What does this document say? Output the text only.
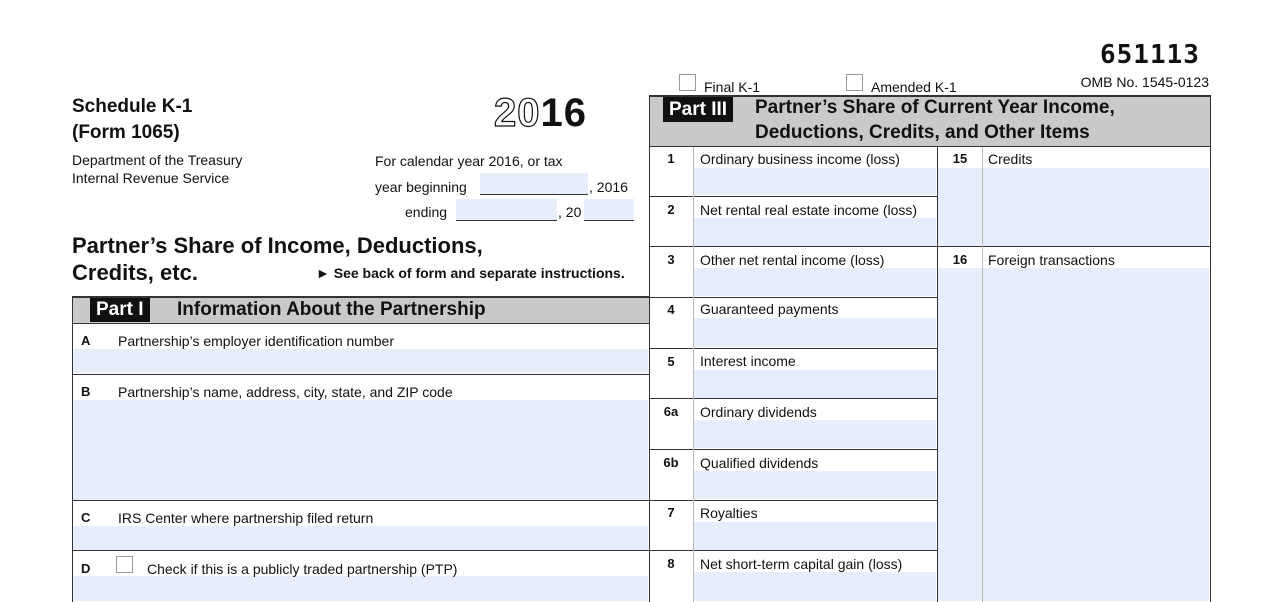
651113
Final K-1	Amended K-1	OMB No. 1545-0123
Schedule K-1
(Form 1065)
Department of the Treasury
Internal Revenue Service
2016
For calendar year 2016, or tax
year beginning	, 2016
ending	, 20
Partner’s Share of Income, Deductions,
Credits, etc.	► See back of form and separate instructions.
Part I	Information About the Partnership
A Partnership’s employer identification number
B Partnership’s name, address, city, state, and ZIP code
C IRS Center where partnership filed return
D	Check if this is a publicly traded partnership (PTP)
Part III	Partner’s Share of Current Year Income,
Deductions, Credits, and Other Items
1	Ordinary business income (loss)
2	Net rental real estate income (loss)
3	Other net rental income (loss)
4	Guaranteed payments
5	Interest income
6a	Ordinary dividends
6b	Qualified dividends
7	Royalties
8	Net short-term capital gain (loss)
15	Credits
16	Foreign transactions
